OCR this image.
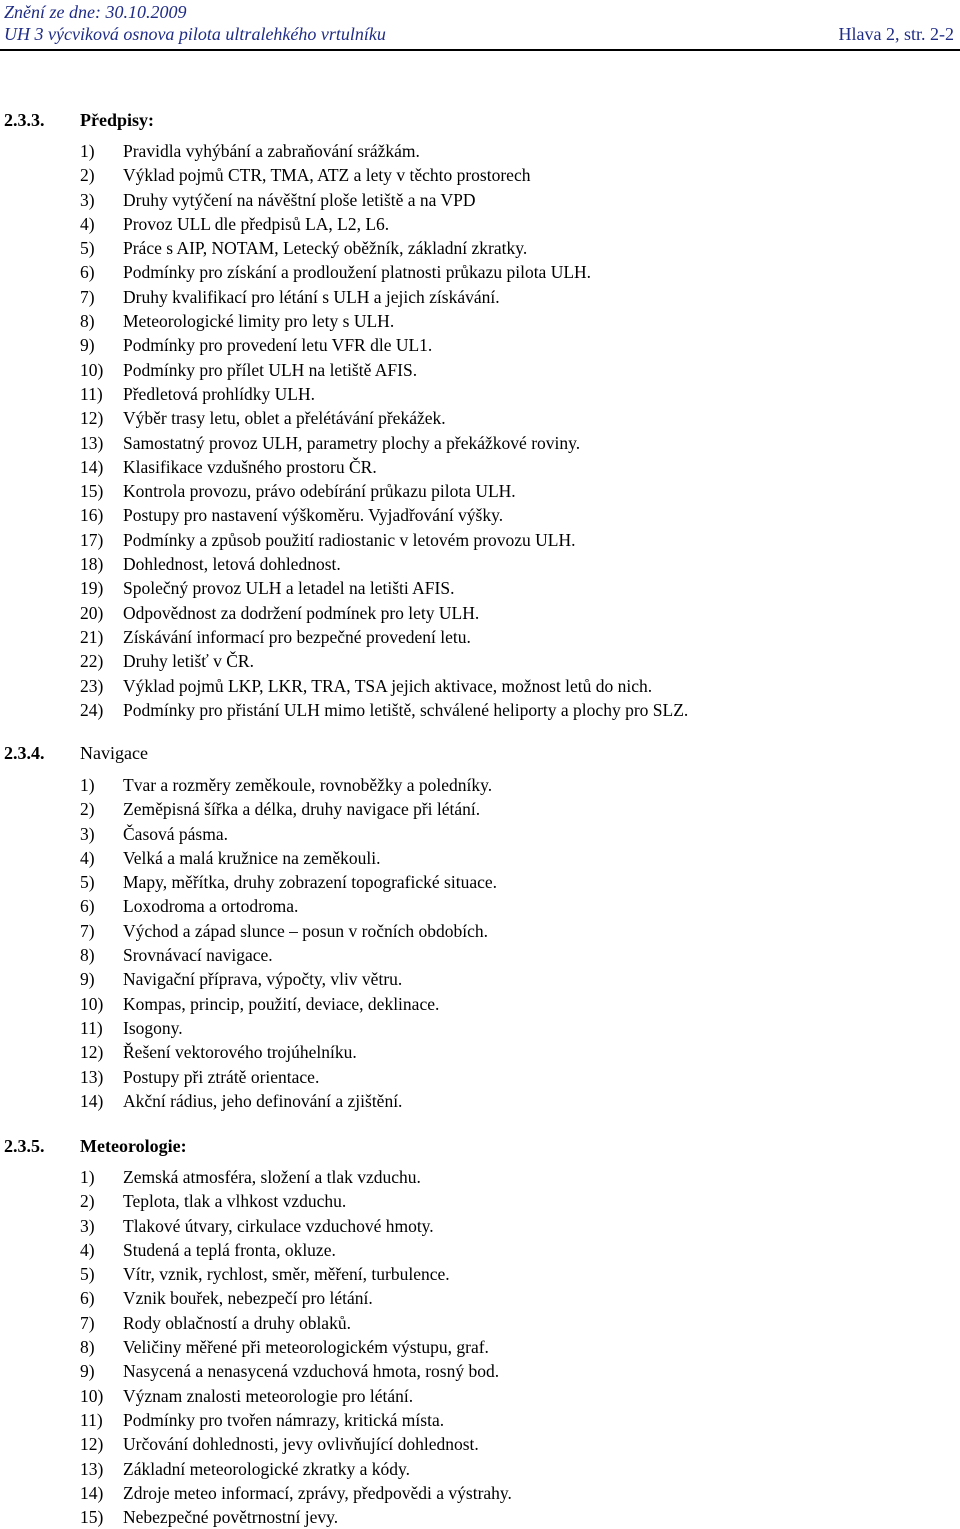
Znění ze dne: 30.10.2009
UH 3 výcviková osnova pilota ultralehkého vrtulníku	Hlava 2, str. 2-2
2.3.3. Předpisy:
1) Pravidla vyhýbání a zabraňování srážkám.
2) Výklad pojmů CTR, TMA, ATZ a lety v těchto prostorech
3) Druhy vytýčení na návěštní ploše letiště a na VPD
4) Provoz ULL dle předpisů LA, L2, L6.
5) Práce s AIP, NOTAM, Letecký oběžník, základní zkratky.
6) Podmínky pro získání a prodloužení platnosti průkazu pilota ULH.
7) Druhy kvalifikací pro létání s ULH a jejich získávání.
8) Meteorologické limity pro lety s ULH.
9) Podmínky pro provedení letu VFR dle UL1.
10) Podmínky pro přílet ULH na letiště AFIS.
11) Předletová prohlídky ULH.
12) Výběr trasy letu, oblet a přelétávání překážek.
13) Samostatný provoz ULH, parametry plochy a překážkové roviny.
14) Klasifikace vzdušného prostoru ČR.
15) Kontrola provozu, právo odebírání průkazu pilota ULH.
16) Postupy pro nastavení výškoměru. Vyjadřování výšky.
17) Podmínky a způsob použití radiostanic v letovém provozu ULH.
18) Dohlednost, letová dohlednost.
19) Společný provoz ULH a letadel na letišti AFIS.
20) Odpovědnost za dodržení podmínek pro lety ULH.
21) Získávání informací pro bezpečné provedení letu.
22) Druhy letišť v ČR.
23) Výklad pojmů LKP, LKR, TRA, TSA jejich aktivace, možnost letů do nich.
24) Podmínky pro přistání ULH mimo letiště, schválené heliporty a plochy pro SLZ.
2.3.4. Navigace
1) Tvar a rozměry zeměkoule, rovnoběžky a poledníky.
2) Zeměpisná šířka a délka, druhy navigace při létání.
3) Časová pásma.
4) Velká a malá kružnice na zeměkouli.
5) Mapy, měřítka, druhy zobrazení topografické situace.
6) Loxodroma a ortodroma.
7) Východ a západ slunce – posun v ročních obdobích.
8) Srovnávací navigace.
9) Navigační příprava, výpočty, vliv větru.
10) Kompas, princip, použití, deviace, deklinace.
11) Isogony.
12) Řešení vektorového trojúhelníku.
13) Postupy při ztrátě orientace.
14) Akční rádius, jeho definování a zjištění.
2.3.5. Meteorologie:
1) Zemská atmosféra, složení a tlak vzduchu.
2) Teplota, tlak a vlhkost vzduchu.
3) Tlakové útvary, cirkulace vzduchové hmoty.
4) Studená a teplá fronta, okluze.
5) Vítr, vznik, rychlost, směr, měření, turbulence.
6) Vznik bouřek, nebezpečí pro létání.
7) Rody oblačností a druhy oblaků.
8) Veličiny měřené při meteorologickém výstupu, graf.
9) Nasycená a nenasycená vzduchová hmota, rosný bod.
10) Význam znalosti meteorologie pro létání.
11) Podmínky pro tvořen námrazy, kritická místa.
12) Určování dohlednosti, jevy ovlivňující dohlednost.
13) Základní meteorologické zkratky a kódy.
14) Zdroje meteo informací, zprávy, předpovědi a výstrahy.
15) Nebezpečné povětrnostní jevy.
